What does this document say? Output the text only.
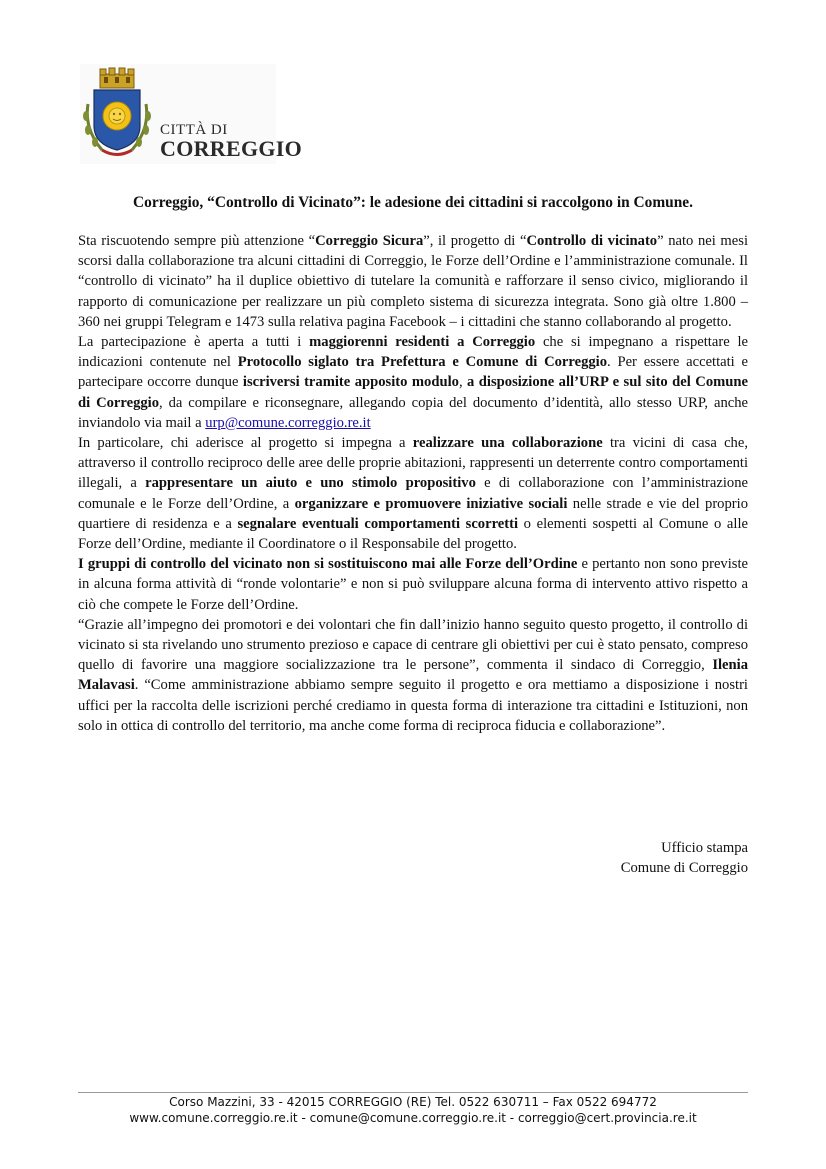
CITTÀ DI
CORREGGIO
Correggio, “Controllo di Vicinato”: le adesione dei cittadini si raccolgono in Comune.

Sta riscuotendo sempre più attenzione “Correggio Sicura”, il progetto di “Controllo di vicinato” nato nei mesi scorsi dalla collaborazione tra alcuni cittadini di Correggio, le Forze dell’Ordine e l’amministrazione comunale. Il “controllo di vicinato” ha il duplice obiettivo di tutelare la comunità e rafforzare il senso civico, migliorando il rapporto di comunicazione per realizzare un più completo sistema di sicurezza integrata. Sono già oltre 1.800 – 360 nei gruppi Telegram e 1473 sulla relativa pagina Facebook – i cittadini che stanno collaborando al progetto.

La partecipazione è aperta a tutti i maggiorenni residenti a Correggio che si impegnano a rispettare le indicazioni contenute nel Protocollo siglato tra Prefettura e Comune di Correggio. Per essere accettati e partecipare occorre dunque iscriversi tramite apposito modulo, a disposizione all’URP e sul sito del Comune di Correggio, da compilare e riconsegnare, allegando copia del documento d’identità, allo stesso URP, anche inviandolo via mail a urp@comune.correggio.re.it

In particolare, chi aderisce al progetto si impegna a realizzare una collaborazione tra vicini di casa che, attraverso il controllo reciproco delle aree delle proprie abitazioni, rappresenti un deterrente contro comportamenti illegali, a rappresentare un aiuto e uno stimolo propositivo e di collaborazione con l’amministrazione comunale e le Forze dell’Ordine, a organizzare e promuovere iniziative sociali nelle strade e vie del proprio quartiere di residenza e a segnalare eventuali comportamenti scorretti o elementi sospetti al Comune o alle Forze dell’Ordine, mediante il Coordinatore o il Responsabile del progetto.

I gruppi di controllo del vicinato non si sostituiscono mai alle Forze dell’Ordine e pertanto non sono previste in alcuna forma attività di “ronde volontarie” e non si può sviluppare alcuna forma di intervento attivo rispetto a ciò che compete le Forze dell’Ordine.

“Grazie all’impegno dei promotori e dei volontari che fin dall’inizio hanno seguito questo progetto, il controllo di vicinato si sta rivelando uno strumento prezioso e capace di centrare gli obiettivi per cui è stato pensato, compreso quello di favorire una maggiore socializzazione tra le persone”, commenta il sindaco di Correggio, Ilenia Malavasi. “Come amministrazione abbiamo sempre seguito il progetto e ora mettiamo a disposizione i nostri uffici per la raccolta delle iscrizioni perché crediamo in questa forma di interazione tra cittadini e Istituzioni, non solo in ottica di controllo del territorio, ma anche come forma di reciproca fiducia e collaborazione”.

Ufficio stampa
Comune di Correggio
Corso Mazzini, 33 - 42015 CORREGGIO (RE) Tel. 0522 630711 – Fax 0522 694772
www.comune.correggio.re.it - comune@comune.correggio.re.it - correggio@cert.provincia.re.it
